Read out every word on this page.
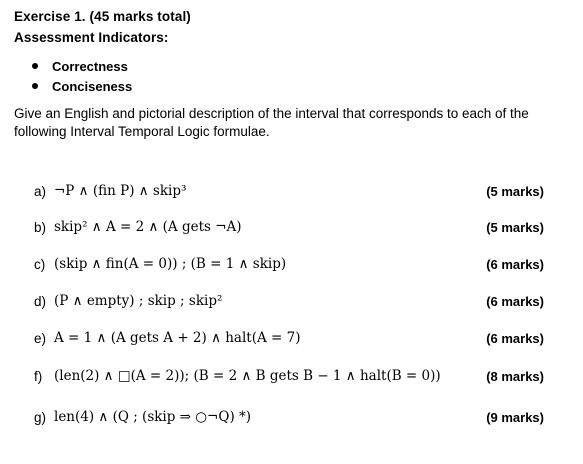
Exercise 1. (45 marks total)
Assessment Indicators:
Correctness
Conciseness
Give an English and pictorial description of the interval that corresponds to each of the following Interval Temporal Logic formulae.
a) ¬P ∧ (fin P) ∧ skip³	(5 marks)
b) skip² ∧ A = 2 ∧ (A gets ¬A)	(5 marks)
c) (skip ∧ fin(A = 0)) ; (B = 1 ∧ skip)	(6 marks)
d) (P ∧ empty) ; skip ; skip²	(6 marks)
e) A = 1 ∧ (A gets A + 2) ∧ halt(A = 7)	(6 marks)
f) (len(2) ∧ □(A = 2)); (B = 2 ∧ B gets B − 1 ∧ halt(B = 0))	(8 marks)
g) len(4) ∧ (Q ; (skip ⇒ ○¬Q) *)	(9 marks)
